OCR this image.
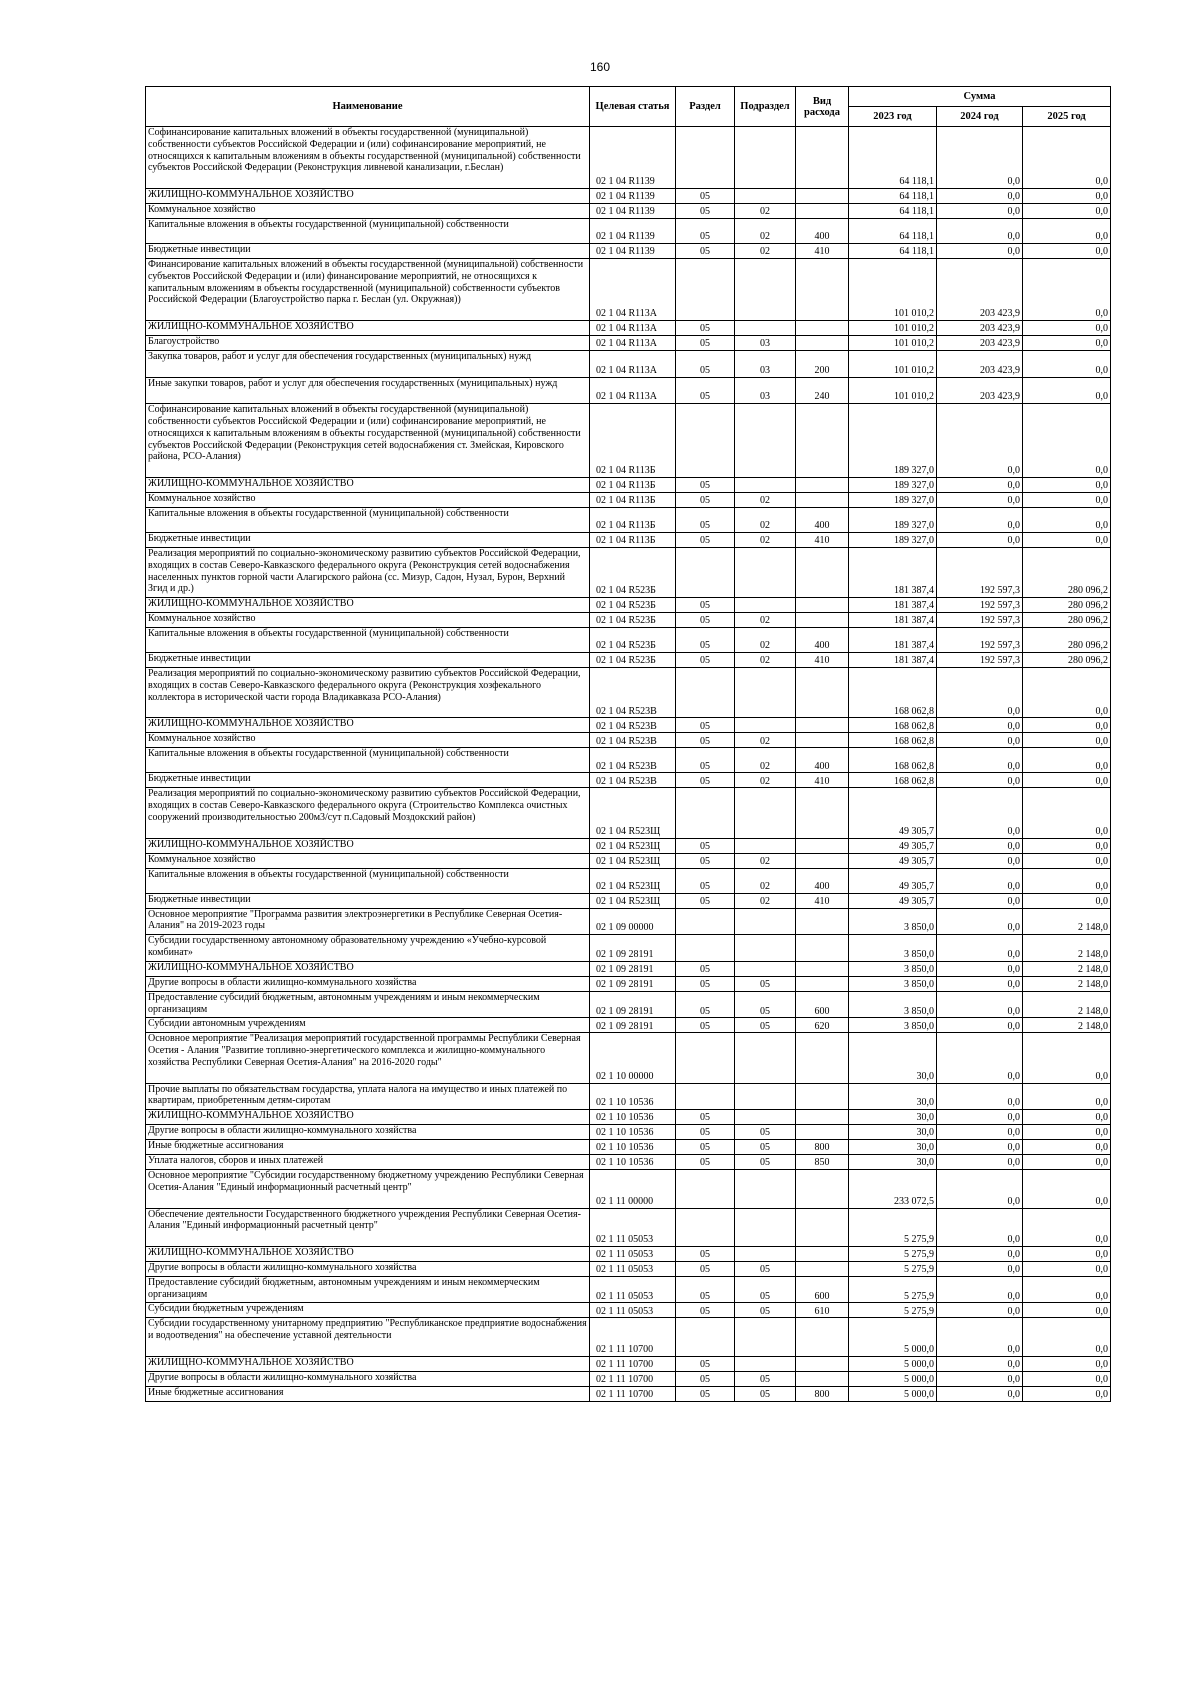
160
Наименование	Целевая статья	Раздел	Подраздел	Вид расхода	Сумма		
					2023 год	2024 год	2025 год
Софинансирование капитальных вложений в объекты государственной (муниципальной) собственности субъектов Российской Федерации и (или) софинансирование мероприятий, не относящихся к капитальным вложениям в объекты государственной (муниципальной) собственности субъектов Российской Федерации (Реконструкция ливневой канализации, г.Беслан)	02 1 04 R1139				64 118,1	0,0	0,0
ЖИЛИЩНО-КОММУНАЛЬНОЕ ХОЗЯЙСТВО	02 1 04 R1139	05			64 118,1	0,0	0,0
Коммунальное хозяйство	02 1 04 R1139	05	02		64 118,1	0,0	0,0
Капитальные вложения в объекты государственной (муниципальной) собственности	02 1 04 R1139	05	02	400	64 118,1	0,0	0,0
Бюджетные инвестиции	02 1 04 R1139	05	02	410	64 118,1	0,0	0,0
Финансирование капитальных вложений в объекты государственной (муниципальной) собственности субъектов Российской Федерации и (или) финансирование мероприятий, не относящихся к капитальным вложениям в объекты государственной (муниципальной) собственности субъектов Российской Федерации (Благоустройство парка г. Беслан (ул. Окружная))	02 1 04 R113А				101 010,2	203 423,9	0,0
ЖИЛИЩНО-КОММУНАЛЬНОЕ ХОЗЯЙСТВО	02 1 04 R113А	05			101 010,2	203 423,9	0,0
Благоустройство	02 1 04 R113А	05	03		101 010,2	203 423,9	0,0
Закупка товаров, работ и услуг для обеспечения государственных (муниципальных) нужд	02 1 04 R113А	05	03	200	101 010,2	203 423,9	0,0
Иные закупки товаров, работ и услуг для обеспечения государственных (муниципальных) нужд	02 1 04 R113А	05	03	240	101 010,2	203 423,9	0,0
Софинансирование капитальных вложений в объекты государственной (муниципальной) собственности субъектов Российской Федерации и (или) софинансирование мероприятий, не относящихся к капитальным вложениям в объекты государственной (муниципальной) собственности субъектов Российской Федерации (Реконструкция сетей водоснабжения ст. Змейская, Кировского района, РСО-Алания)	02 1 04 R113Б				189 327,0	0,0	0,0
ЖИЛИЩНО-КОММУНАЛЬНОЕ ХОЗЯЙСТВО	02 1 04 R113Б	05			189 327,0	0,0	0,0
Коммунальное хозяйство	02 1 04 R113Б	05	02		189 327,0	0,0	0,0
Капитальные вложения в объекты государственной (муниципальной) собственности	02 1 04 R113Б	05	02	400	189 327,0	0,0	0,0
Бюджетные инвестиции	02 1 04 R113Б	05	02	410	189 327,0	0,0	0,0
Реализация мероприятий по социально-экономическому развитию субъектов Российской Федерации, входящих в состав Северо-Кавказского федерального округа (Реконструкция сетей водоснабжения населенных пунктов горной части Алагирского района (сс. Мизур, Садон, Нузал, Бурон, Верхний Згид и др.)	02 1 04 R523Б				181 387,4	192 597,3	280 096,2
ЖИЛИЩНО-КОММУНАЛЬНОЕ ХОЗЯЙСТВО	02 1 04 R523Б	05			181 387,4	192 597,3	280 096,2
Коммунальное хозяйство	02 1 04 R523Б	05	02		181 387,4	192 597,3	280 096,2
Капитальные вложения в объекты государственной (муниципальной) собственности	02 1 04 R523Б	05	02	400	181 387,4	192 597,3	280 096,2
Бюджетные инвестиции	02 1 04 R523Б	05	02	410	181 387,4	192 597,3	280 096,2
Реализация мероприятий по социально-экономическому развитию субъектов Российской Федерации, входящих в состав Северо-Кавказского федерального округа (Реконструкция хозфекального коллектора в исторической части города Владикавказа РСО-Алания)	02 1 04 R523В				168 062,8	0,0	0,0
ЖИЛИЩНО-КОММУНАЛЬНОЕ ХОЗЯЙСТВО	02 1 04 R523В	05			168 062,8	0,0	0,0
Коммунальное хозяйство	02 1 04 R523В	05	02		168 062,8	0,0	0,0
Капитальные вложения в объекты государственной (муниципальной) собственности	02 1 04 R523В	05	02	400	168 062,8	0,0	0,0
Бюджетные инвестиции	02 1 04 R523В	05	02	410	168 062,8	0,0	0,0
Реализация мероприятий по социально-экономическому развитию субъектов Российской Федерации, входящих в состав Северо-Кавказского федерального округа (Строительство Комплекса очистных сооружений производительностью 200м3/сут п.Садовый Моздокский район)	02 1 04 R523Щ				49 305,7	0,0	0,0
ЖИЛИЩНО-КОММУНАЛЬНОЕ ХОЗЯЙСТВО	02 1 04 R523Щ	05			49 305,7	0,0	0,0
Коммунальное хозяйство	02 1 04 R523Щ	05	02		49 305,7	0,0	0,0
Капитальные вложения в объекты государственной (муниципальной) собственности	02 1 04 R523Щ	05	02	400	49 305,7	0,0	0,0
Бюджетные инвестиции	02 1 04 R523Щ	05	02	410	49 305,7	0,0	0,0
Основное мероприятие "Программа развития электроэнергетики в Республике Северная Осетия-Алания" на 2019-2023 годы	02 1 09 00000				3 850,0	0,0	2 148,0
Субсидии государственному автономному образовательному учреждению «Учебно-курсовой комбинат»	02 1 09 28191				3 850,0	0,0	2 148,0
ЖИЛИЩНО-КОММУНАЛЬНОЕ ХОЗЯЙСТВО	02 1 09 28191	05			3 850,0	0,0	2 148,0
Другие вопросы в области жилищно-коммунального хозяйства	02 1 09 28191	05	05		3 850,0	0,0	2 148,0
Предоставление субсидий бюджетным, автономным учреждениям и иным некоммерческим организациям	02 1 09 28191	05	05	600	3 850,0	0,0	2 148,0
Субсидии автономным учреждениям	02 1 09 28191	05	05	620	3 850,0	0,0	2 148,0
Основное мероприятие "Реализация мероприятий государственной программы Республики Северная Осетия - Алания "Развитие топливно-энергетического комплекса и жилищно-коммунального хозяйства Республики Северная Осетия-Алания" на 2016-2020 годы"	02 1 10 00000				30,0	0,0	0,0
Прочие выплаты по обязательствам государства, уплата налога на имущество и иных платежей по квартирам, приобретенным детям-сиротам	02 1 10 10536				30,0	0,0	0,0
ЖИЛИЩНО-КОММУНАЛЬНОЕ ХОЗЯЙСТВО	02 1 10 10536	05			30,0	0,0	0,0
Другие вопросы в области жилищно-коммунального хозяйства	02 1 10 10536	05	05		30,0	0,0	0,0
Иные бюджетные ассигнования	02 1 10 10536	05	05	800	30,0	0,0	0,0
Уплата налогов, сборов и иных платежей	02 1 10 10536	05	05	850	30,0	0,0	0,0
Основное мероприятие "Субсидии государственному бюджетному учреждению Республики Северная Осетия-Алания "Единый информационный расчетный центр"	02 1 11 00000				233 072,5	0,0	0,0
Обеспечение деятельности Государственного бюджетного учреждения Республики Северная Осетия-Алания "Единый информационный расчетный центр"	02 1 11 05053				5 275,9	0,0	0,0
ЖИЛИЩНО-КОММУНАЛЬНОЕ ХОЗЯЙСТВО	02 1 11 05053	05			5 275,9	0,0	0,0
Другие вопросы в области жилищно-коммунального хозяйства	02 1 11 05053	05	05		5 275,9	0,0	0,0
Предоставление субсидий бюджетным, автономным учреждениям и иным некоммерческим организациям	02 1 11 05053	05	05	600	5 275,9	0,0	0,0
Субсидии бюджетным учреждениям	02 1 11 05053	05	05	610	5 275,9	0,0	0,0
Субсидии государственному унитарному предприятию "Республиканское предприятие водоснабжения и водоотведения" на обеспечение уставной деятельности	02 1 11 10700				5 000,0	0,0	0,0
ЖИЛИЩНО-КОММУНАЛЬНОЕ ХОЗЯЙСТВО	02 1 11 10700	05			5 000,0	0,0	0,0
Другие вопросы в области жилищно-коммунального хозяйства	02 1 11 10700	05	05		5 000,0	0,0	0,0
Иные бюджетные ассигнования	02 1 11 10700	05	05	800	5 000,0	0,0	0,0
